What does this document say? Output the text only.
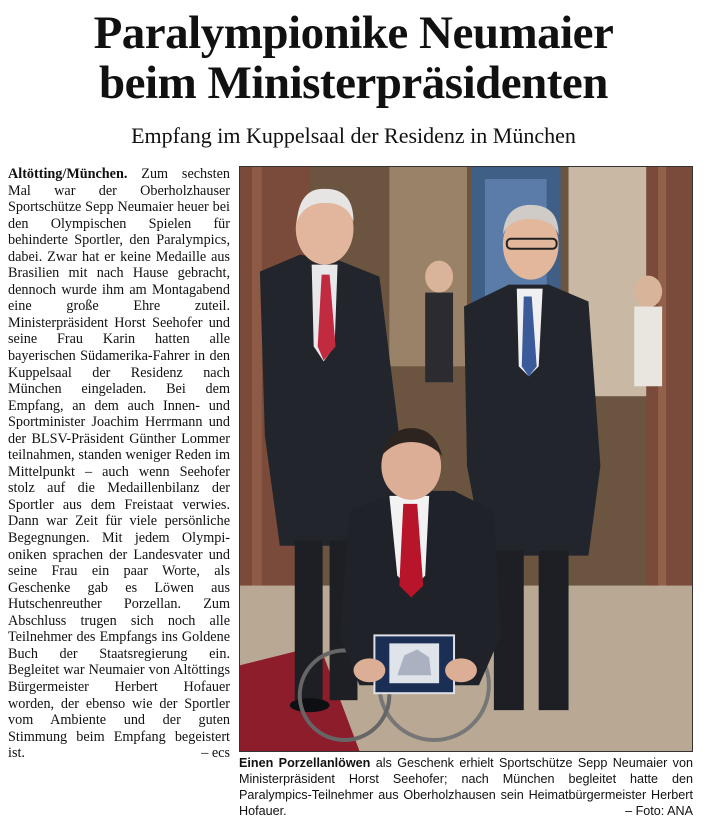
Paralympionike Neumaier
beim Ministerpräsidenten

Empfang im Kuppelsaal der Residenz in München

Altötting/München. Zum sechsten Mal war der Oberholzhauser Sportschütze Sepp Neumaier heuer bei den Olympischen Spielen für behinderte Sportler, den Paralympics, dabei. Zwar hat er keine Medaille aus Brasilien mit nach Hause gebracht, dennoch wurde ihm am Montagabend eine große Ehre zuteil. Ministerpräsident Horst Seehofer und seine Frau Karin hatten alle bayerischen Südamerika-Fahrer in den Kuppelsaal der Residenz nach München eingeladen. Bei dem Empfang, an dem auch Innen- und Sportminister Joachim Herrmann und der BLSV-Präsident Günther Lommer teilnahmen, standen weniger Reden im Mittelpunkt – auch wenn Seehofer stolz auf die Medaillenbilanz der Sportler aus dem Freistaat verwies. Dann war Zeit für viele persönliche Begegnungen. Mit jedem Olympioniken sprachen der Landesvater und seine Frau ein paar Worte, als Geschenke gab es Löwen aus Hutschenreuther Porzellan. Zum Abschluss trugen sich noch alle Teilnehmer des Empfangs ins Goldene Buch der Staatsregierung ein. Begleitet war Neumaier von Altöttings Bürgermeister Herbert Hofauer worden, der ebenso wie der Sportler vom Ambiente und der guten Stimmung beim Empfang begeistert ist.	– ecs

Einen Porzellanlöwen als Geschenk erhielt Sportschütze Sepp Neumaier von Ministerpräsident Horst Seehofer; nach München begleitet hatte den Paralympics-Teilnehmer aus Oberholzhausen sein Heimatbürgermeister Herbert Hofauer.	– Foto: ANA
